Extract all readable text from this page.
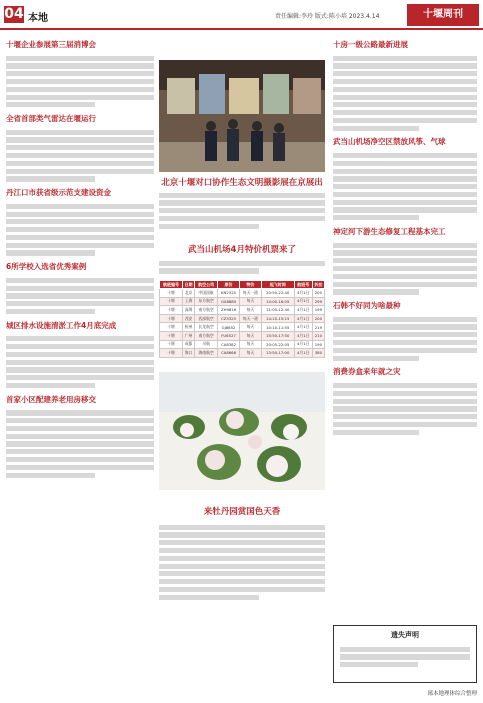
04 本地	责任编辑:李玲 版式:陈小培 2023.4.14	十堰周刊
十堰企业参展第三届消博会
全省首部类气雷达在堰运行
丹江口市获省级示范支建设资金
6所学校入选省优秀案例
城区排水设施清淤工作4月底完成
首家小区配建养老用房移交
北京十堰对口协作生态文明摄影展在京展出
武当山机场4月特价机票来了
航班编号	日期	航空公司	原价	特价	起飞时间	航班号	折扣
十堰	北京	中国国航	KN2325	每天一班	20:50-22:40	4月1日	200
十堰	上海	东方航空	GX8885	每天	14:00-16:05	4月1日	299
十堰	深圳	南方航空	ZH9816	每天	11:05-12:40	4月1日	199
十堰	西安	西部航空	CZ3325	每天一班	14:15-15:15	4月1日	200
十堰	杭州	长龙航空	GJ8652	每天	10:10-11:55	4月1日	219
十堰	广州	南方航空	FU6527	每天	15:50-17:50	4月1日	210
十堰	成都	川航	CA8382	每天	20:05-22:05	4月1日	190
十堰	海口	海南航空	CA8666	每天	13:50-17:00	4月1日	380
来牡丹园赏国色天香
十房一级公路最新进展
武当山机场净空区禁放风筝、气球
神定河下游生态修复工程基本完工
石韩不好同为啥最种
消费券盒来年就之灾
遗失声明
郧本地理体综合整理
